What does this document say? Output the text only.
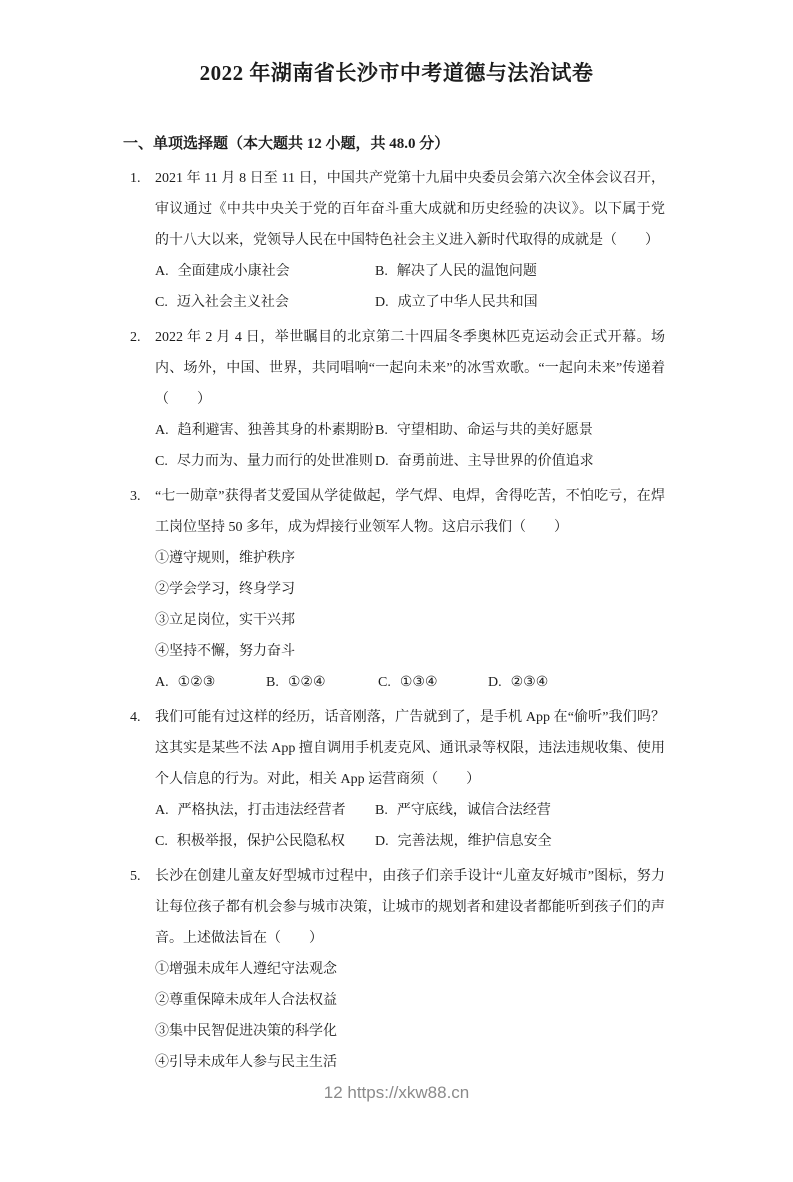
2022 年湖南省长沙市中考道德与法治试卷
一、单项选择题（本大题共 12 小题，共 48.0 分）
1.	2021 年 11 月 8 日至 11 日，中国共产党第十九届中央委员会第六次全体会议召开，审议通过《中共中央关于党的百年奋斗重大成就和历史经验的决议》。以下属于党的十八大以来，党领导人民在中国特色社会主义进入新时代取得的成就是（　　）

A. 全面建成小康社会	B. 解决了人民的温饱问题
C. 迈入社会主义社会	D. 成立了中华人民共和国
2.	2022 年 2 月 4 日，举世瞩目的北京第二十四届冬季奥林匹克运动会正式开幕。场内、场外，中国、世界，共同唱响“一起向未来”的冰雪欢歌。“一起向未来”传递着（　　）

A. 趋利避害、独善其身的朴素期盼 B. 守望相助、命运与共的美好愿景
C. 尽力而为、量力而行的处世准则 D. 奋勇前进、主导世界的价值追求
3.	“七一勋章”获得者艾爱国从学徒做起，学气焊、电焊，舍得吃苦，不怕吃亏，在焊工岗位坚持 50 多年，成为焊接行业领军人物。这启示我们（　　）

①遵守规则，维护秩序
②学会学习，终身学习
③立足岗位，实干兴邦
④坚持不懈，努力奋斗
A. ①②③	B. ①②④	C. ①③④	D. ②③④
4.	我们可能有过这样的经历，话音刚落，广告就到了，是手机 App 在“偷听”我们吗？这其实是某些不法 App 擅自调用手机麦克风、通讯录等权限，违法违规收集、使用个人信息的行为。对此，相关 App 运营商须（　　）

A. 严格执法，打击违法经营者	B. 严守底线，诚信合法经营
C. 积极举报，保护公民隐私权	D. 完善法规，维护信息安全
5.	长沙在创建儿童友好型城市过程中，由孩子们亲手设计“儿童友好城市”图标，努力让每位孩子都有机会参与城市决策，让城市的规划者和建设者都能听到孩子们的声音。上述做法旨在（　　）

①增强未成年人遵纪守法观念
②尊重保障未成年人合法权益
③集中民智促进决策的科学化
④引导未成年人参与民主生活
12 https://xkw88.cn
